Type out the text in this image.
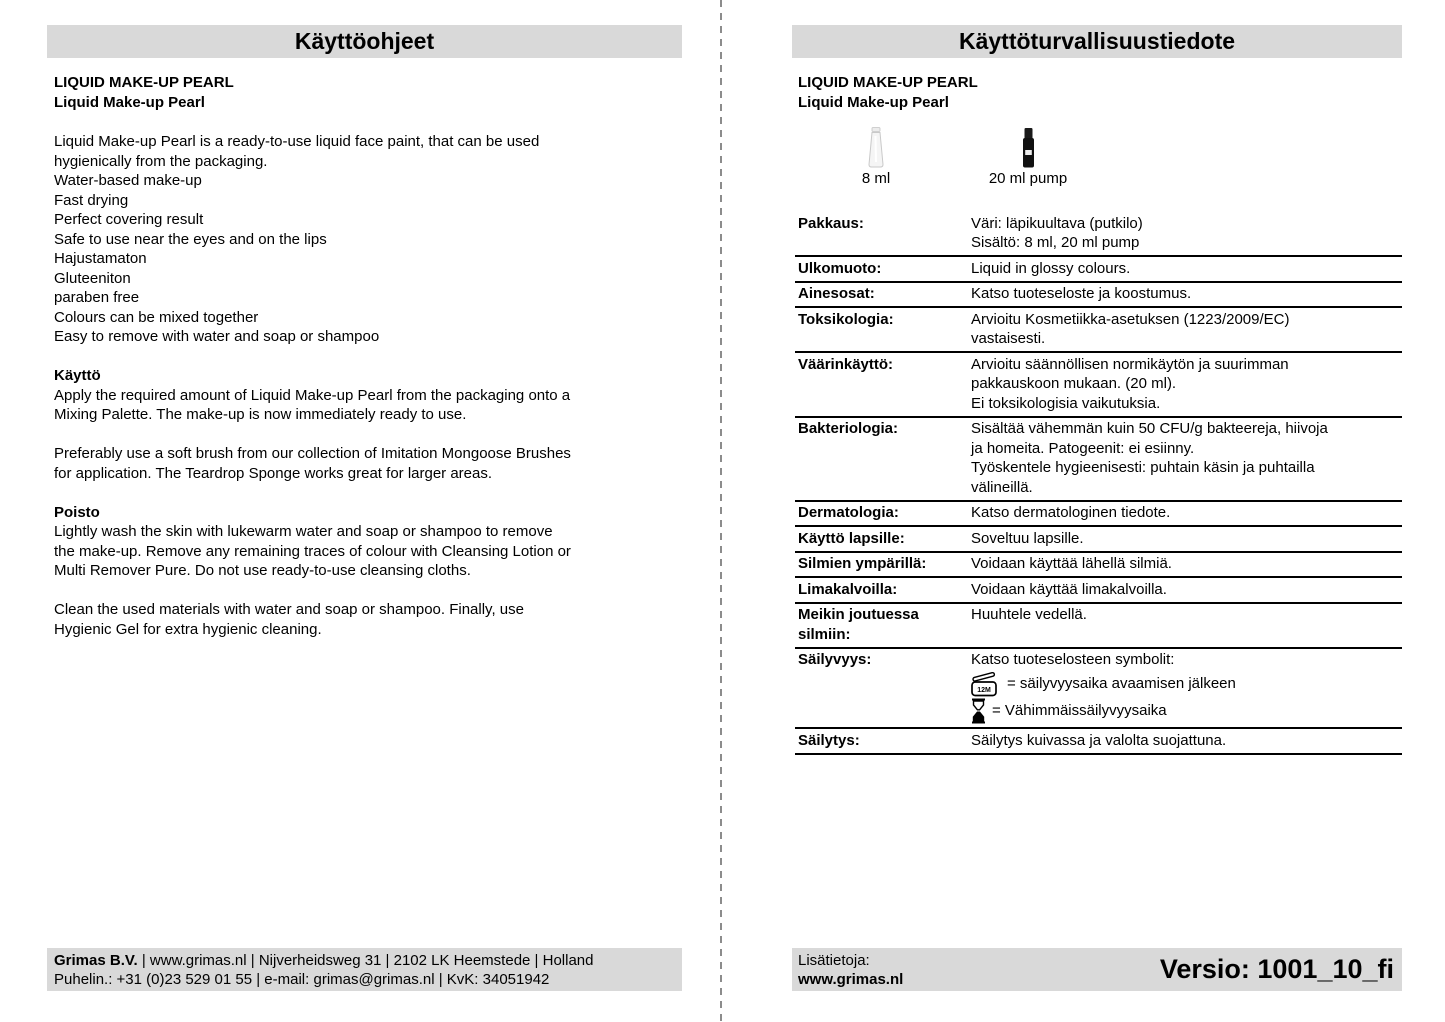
Käyttöohjeet
LIQUID MAKE-UP PEARL
Liquid Make-up Pearl
Liquid Make-up Pearl is a ready-to-use liquid face paint, that can be used
hygienically from the packaging.
Water-based make-up
Fast drying
Perfect covering result
Safe to use near the eyes and on the lips
Hajustamaton
Gluteeniton
paraben free
Colours can be mixed together
Easy to remove with water and soap or shampoo
Käyttö
Apply the required amount of Liquid Make-up Pearl from the packaging onto a
Mixing Palette. The make-up is now immediately ready to use.
Preferably use a soft brush from our collection of Imitation Mongoose Brushes
for application. The Teardrop Sponge works great for larger areas.
Poisto
Lightly wash the skin with lukewarm water and soap or shampoo to remove
the make-up. Remove any remaining traces of colour with Cleansing Lotion or
Multi Remover Pure. Do not use ready-to-use cleansing cloths.
Clean the used materials with water and soap or shampoo. Finally, use
Hygienic Gel for extra hygienic cleaning.
Grimas B.V. | www.grimas.nl | Nijverheidsweg 31 | 2102 LK Heemstede | Holland
Puhelin.: +31 (0)23 529 01 55 | e-mail: grimas@grimas.nl | KvK: 34051942
Käyttöturvallisuustiedote
LIQUID MAKE-UP PEARL
Liquid Make-up Pearl
8 ml	20 ml pump
Pakkaus:	Väri: läpikuultava (putkilo)
Sisältö: 8 ml, 20 ml pump

Ulkomuoto:	Liquid in glossy colours.

Ainesosat:	Katso tuoteseloste ja koostumus.

Toksikologia:	Arvioitu Kosmetiikka-asetuksen (1223/2009/EC)
vastaisesti.

Väärinkäyttö:	Arvioitu säännöllisen normikäytön ja suurimman
pakkauskoon mukaan. (20 ml).
Ei toksikologisia vaikutuksia.

Bakteriologia:	Sisältää vähemmän kuin 50 CFU/g bakteereja, hiivoja
ja homeita. Patogeenit: ei esiinny.
Työskentele hygieenisesti: puhtain käsin ja puhtailla
välineillä.

Dermatologia:	Katso dermatologinen tiedote.

Käyttö lapsille:	Soveltuu lapsille.

Silmien ympärillä:	Voidaan käyttää lähellä silmiä.

Limakalvoilla:	Voidaan käyttää limakalvoilla.

Meikin joutuessa silmiin:	Huuhtele vedellä.

Säilyvyys:	Katso tuoteselosteen symbolit:
12M = säilyvyysaika avaamisen jälkeen
= Vähimmäissäilyvyysaika

Säilytys:	Säilytys kuivassa ja valolta suojattuna.
Lisätietoja:
www.grimas.nl	Versio: 1001_10_fi
